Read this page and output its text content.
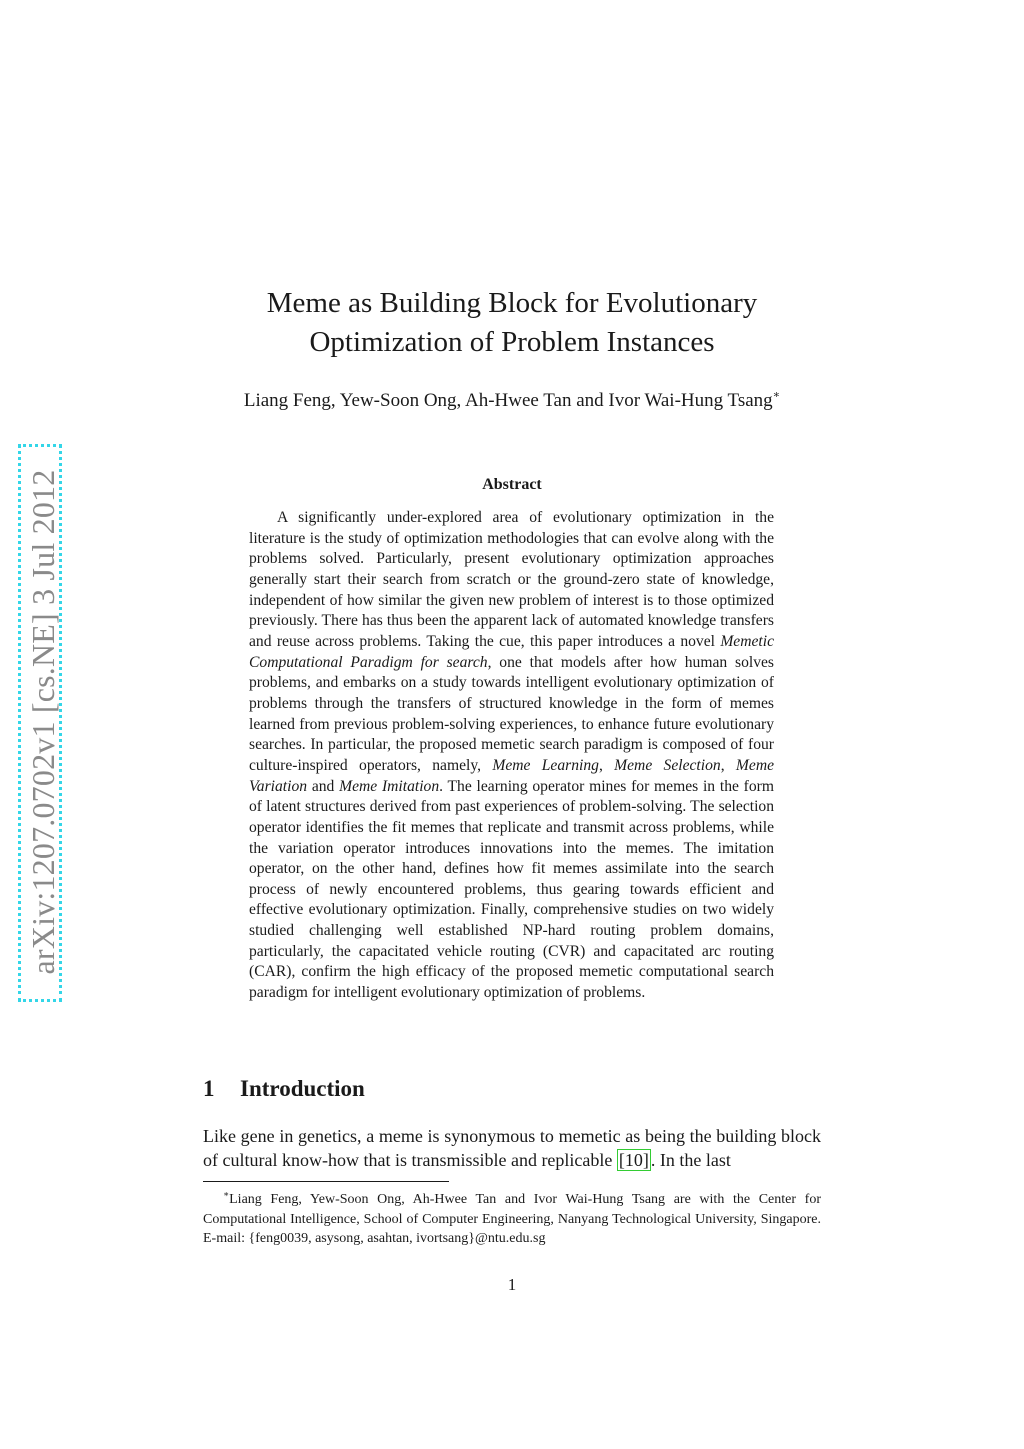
arXiv:1207.0702v1 [cs.NE] 3 Jul 2012
Meme as Building Block for Evolutionary
Optimization of Problem Instances
Liang Feng, Yew-Soon Ong, Ah-Hwee Tan and Ivor Wai-Hung Tsang∗
Abstract

A significantly under-explored area of evolutionary optimization in the literature is the study of optimization methodologies that can evolve along with the problems solved. Particularly, present evolutionary optimization approaches generally start their search from scratch or the ground-zero state of knowledge, independent of how similar the given new problem of interest is to those optimized previously. There has thus been the apparent lack of automated knowledge transfers and reuse across problems. Taking the cue, this paper introduces a novel Memetic Computational Paradigm for search, one that models after how human solves problems, and embarks on a study towards intelligent evolutionary optimization of problems through the transfers of structured knowledge in the form of memes learned from previous problem-solving experiences, to enhance future evolutionary searches. In particular, the proposed memetic search paradigm is composed of four culture-inspired operators, namely, Meme Learning, Meme Selection, Meme Variation and Meme Imitation. The learning operator mines for memes in the form of latent structures derived from past experiences of problem-solving. The selection operator identifies the fit memes that replicate and transmit across problems, while the variation operator introduces innovations into the memes. The imitation operator, on the other hand, defines how fit memes assimilate into the search process of newly encountered problems, thus gearing towards efficient and effective evolutionary optimization. Finally, comprehensive studies on two widely studied challenging well established NP-hard routing problem domains, particularly, the capacitated vehicle routing (CVR) and capacitated arc routing (CAR), confirm the high efficacy of the proposed memetic computational search paradigm for intelligent evolutionary optimization of problems.

1 Introduction

Like gene in genetics, a meme is synonymous to memetic as being the building block of cultural know-how that is transmissible and replicable [10] . In the last

∗Liang Feng, Yew-Soon Ong, Ah-Hwee Tan and Ivor Wai-Hung Tsang are with the Center for Computational Intelligence, School of Computer Engineering, Nanyang Technological University, Singapore. E-mail: {feng0039, asysong, asahtan, ivortsang}@ntu.edu.sg

1
